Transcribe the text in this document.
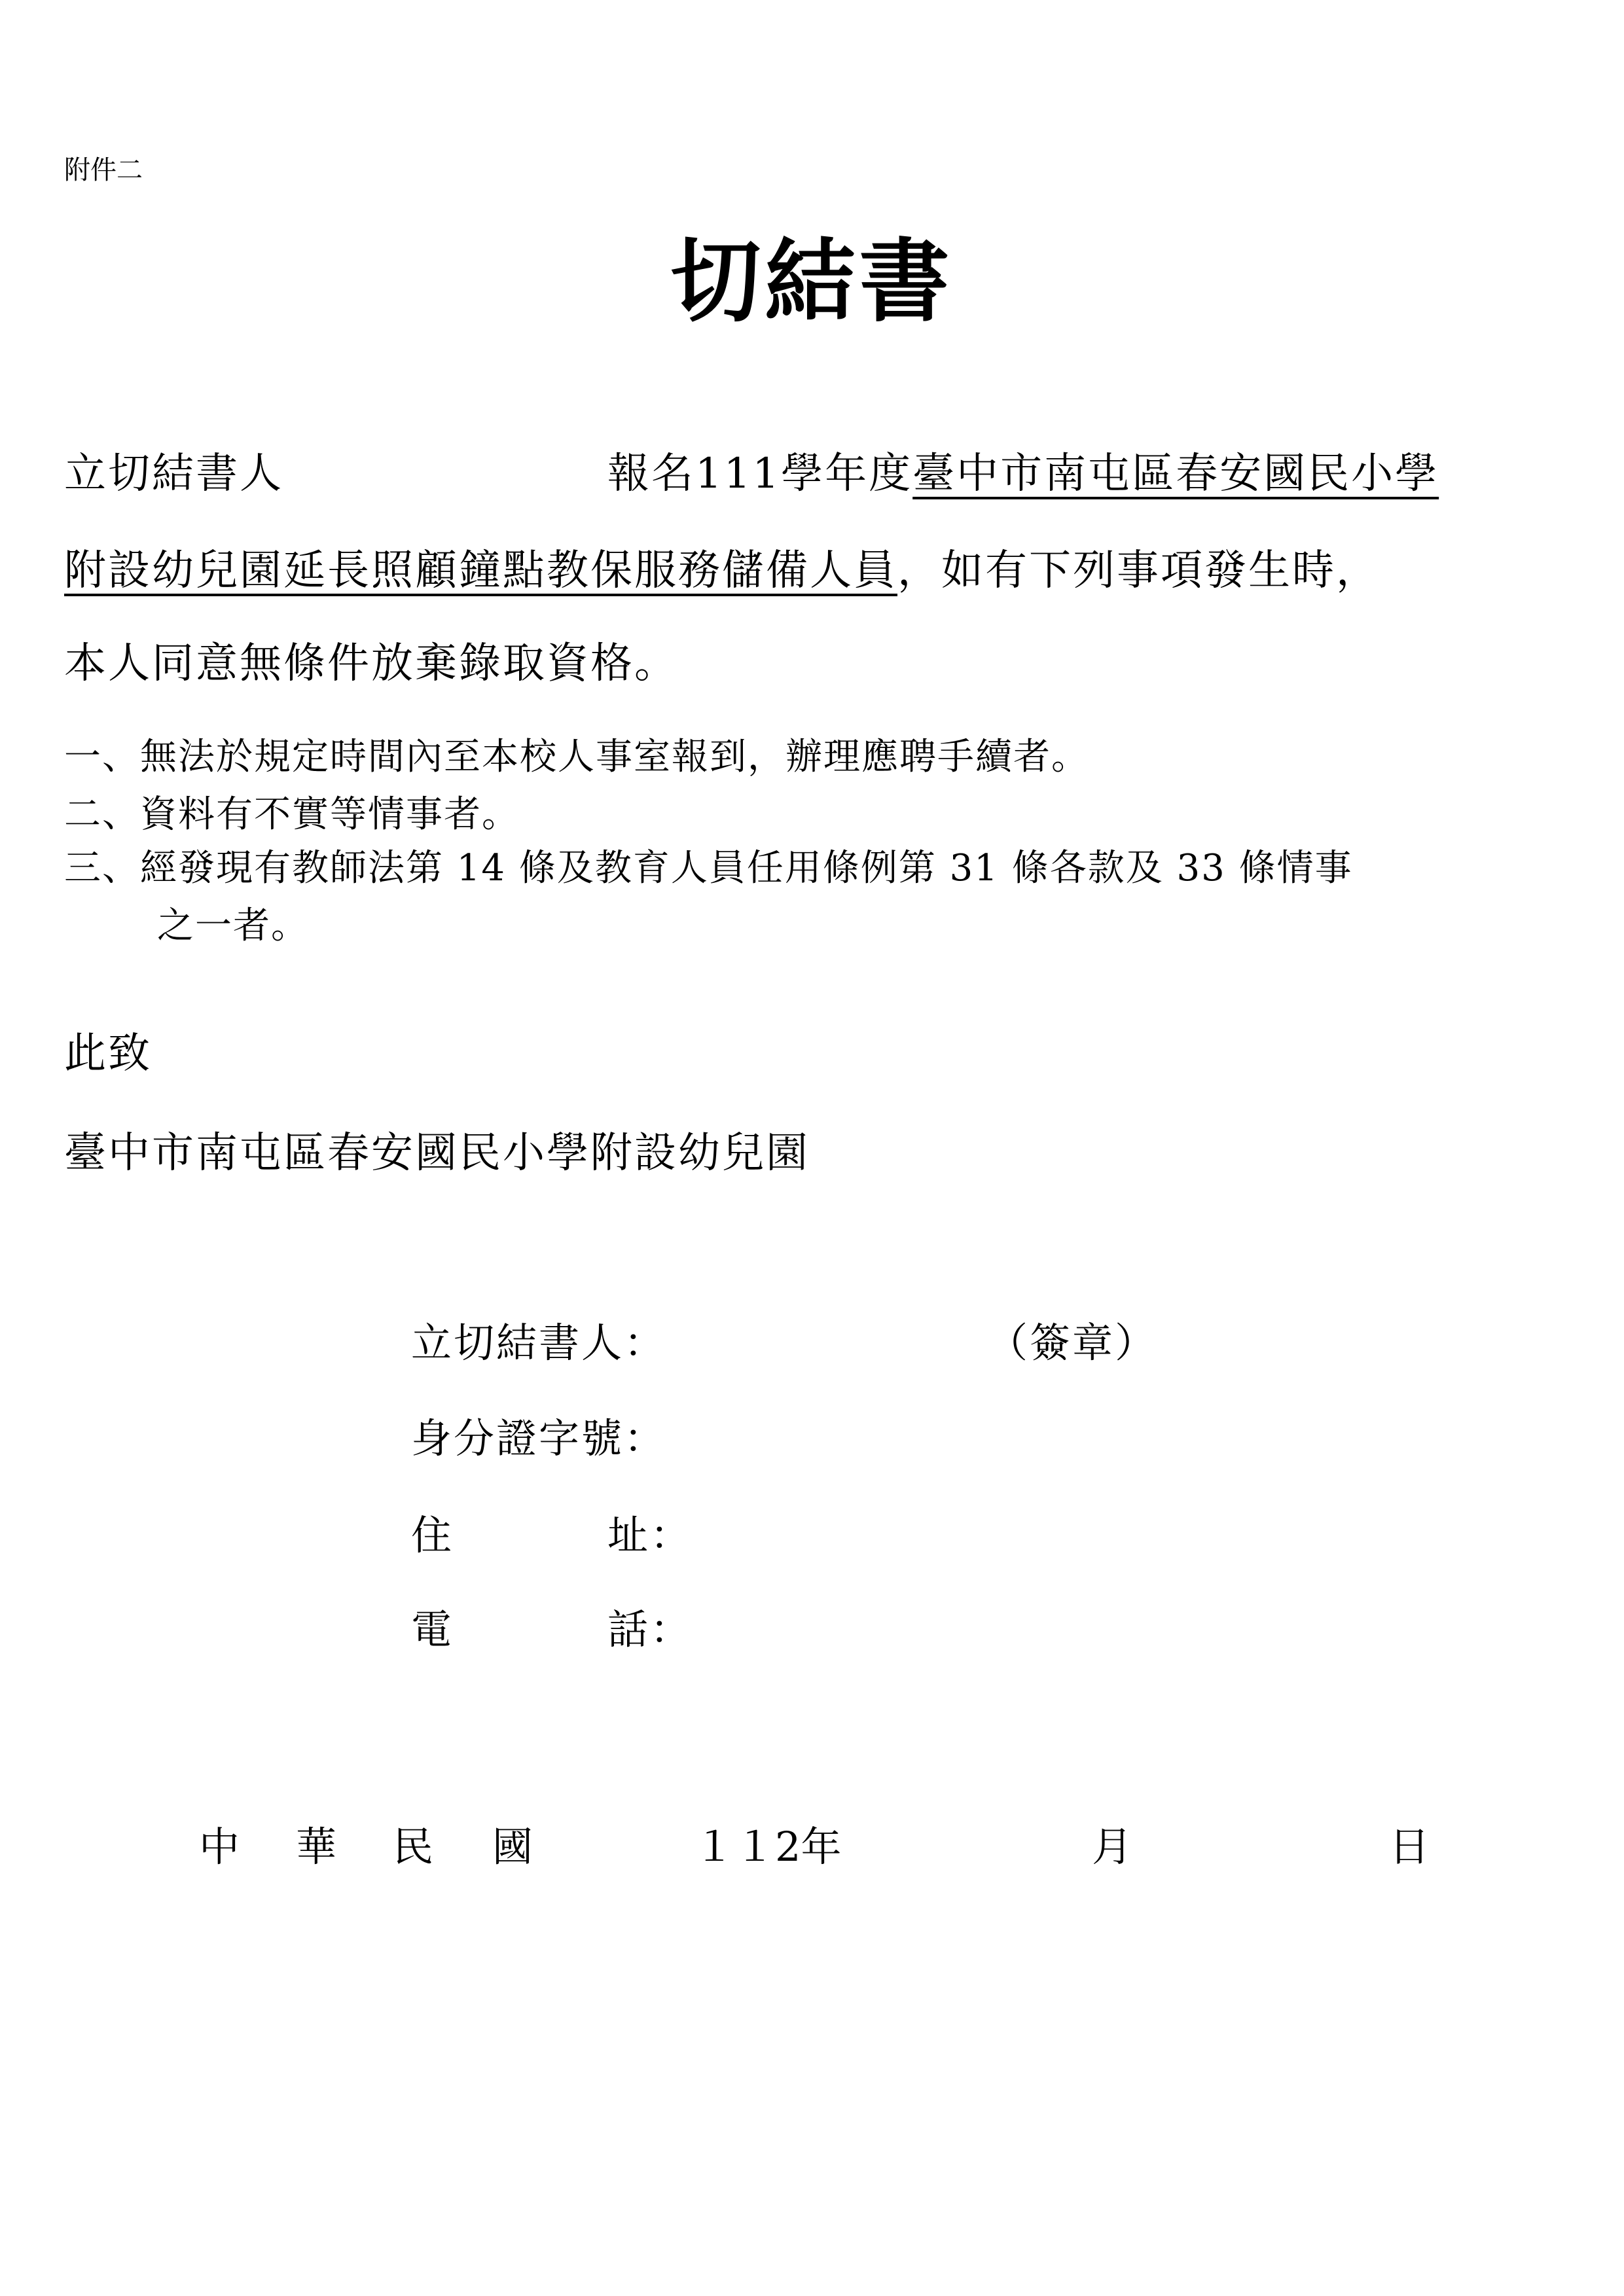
附件二
切結書
立切結書人	報名111學年度臺中市南屯區春安國民小學
附設幼兒園延長照顧鐘點教保服務儲備人員，如有下列事項發生時，
本人同意無條件放棄錄取資格。
一、無法於規定時間內至本校人事室報到，辦理應聘手續者。
二、資料有不實等情事者。
三、經發現有教師法第 14 條及教育人員任用條例第 31 條各款及 33 條情事
之一者。
此致
臺中市南屯區春安國民小學附設幼兒園
立切結書人：	（簽章）
身分證字號：
住	址：
電	話：
中 華 民 國	１１2年	月	日
